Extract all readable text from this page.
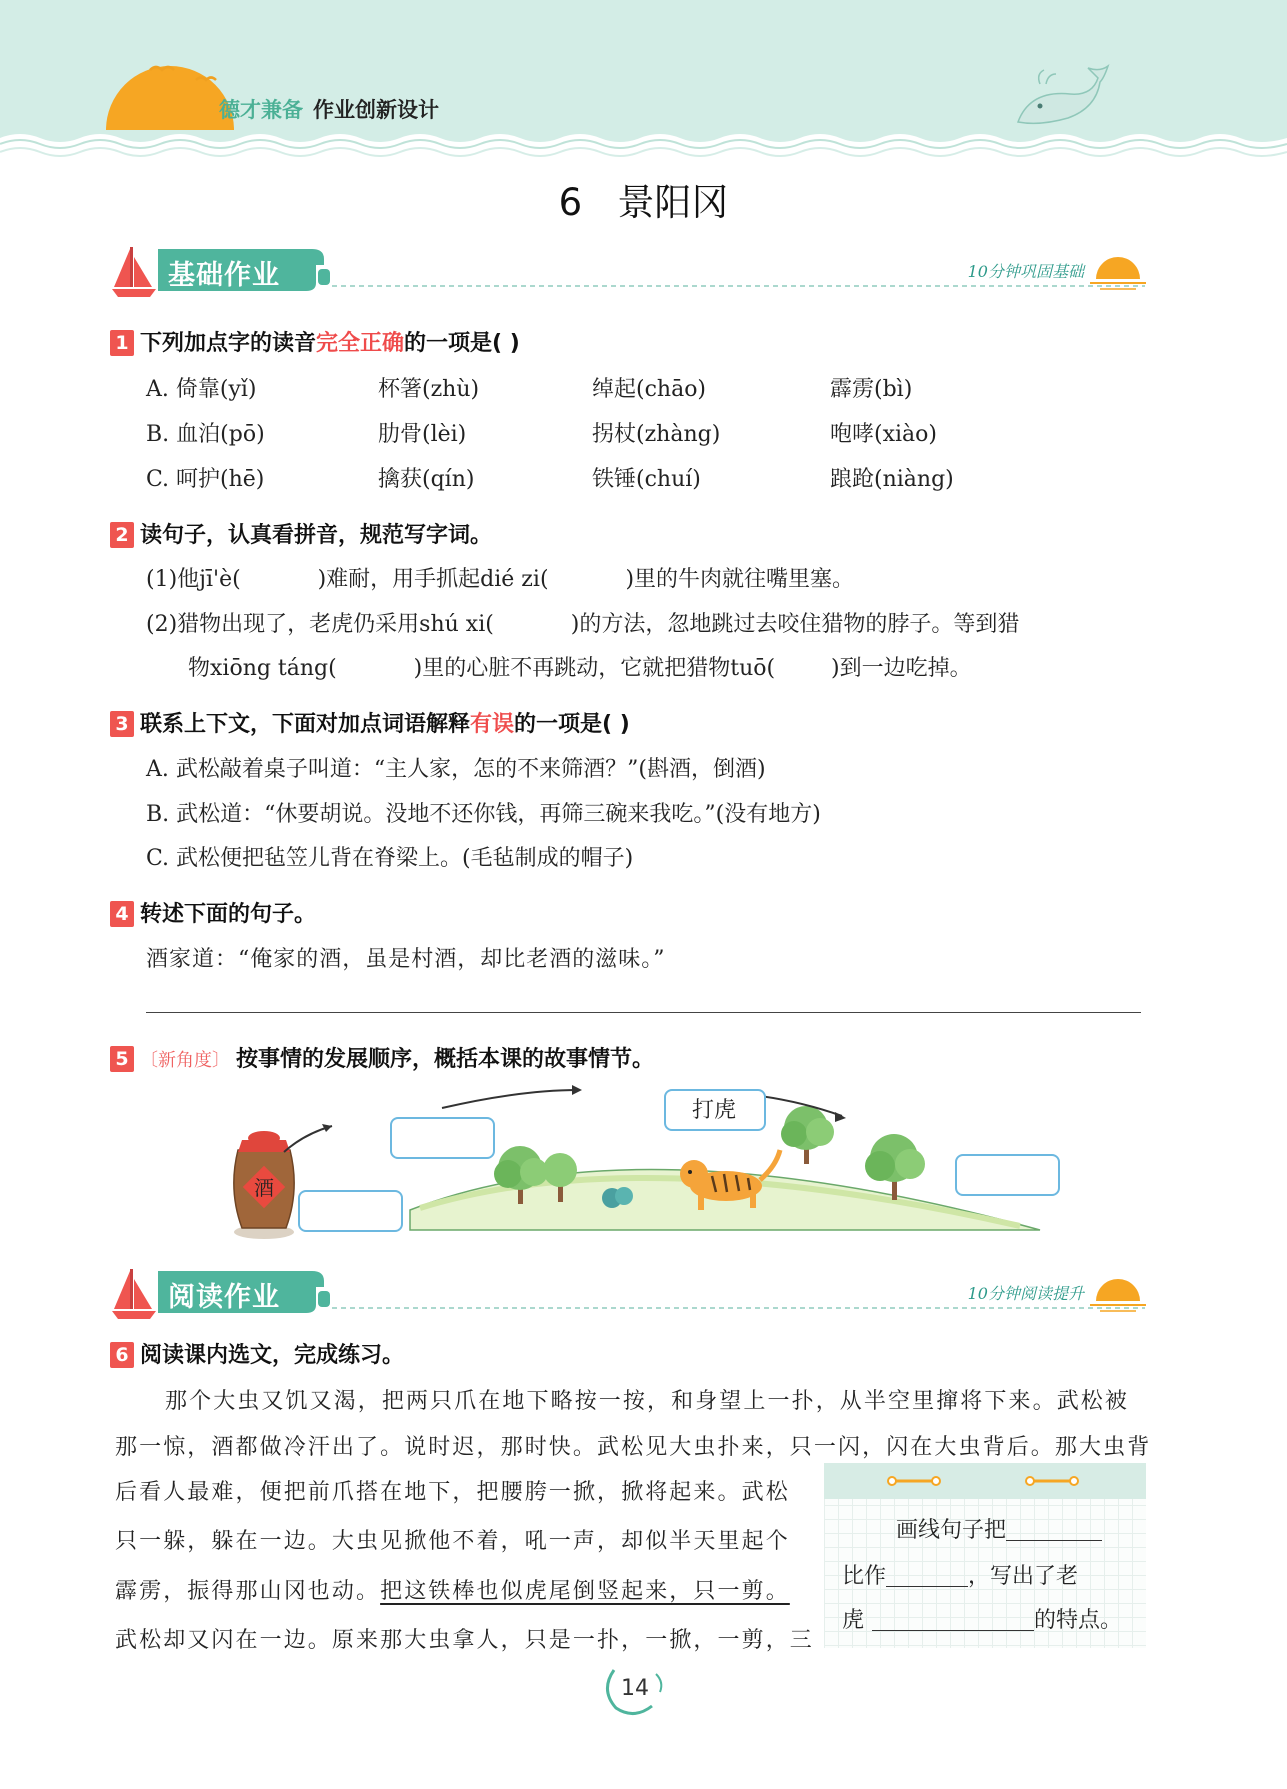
德才兼备 作业创新设计
6   景阳冈
基础作业	10分钟巩固基础
1 下列加点字的读音完全正确的一项是( )
A. 倚靠(yǐ)	杯箸(zhù)	绰起(chāo)	霹雳(bì)
B. 血泊(pō)	肋骨(lèi)	拐杖(zhàng)	咆哮(xiào)
C. 呵护(hē)	擒获(qín)	铁锤(chuí)	踉跄(niàng)
2 读句子，认真看拼音，规范写字词。
(1)他jī'è(           )难耐，用手抓起dié zi(           )里的牛肉就往嘴里塞。
(2)猎物出现了，老虎仍采用shú xi(           )的方法，忽地跳过去咬住猎物的脖子。等到猎
物xiōng táng(           )里的心脏不再跳动，它就把猎物tuō(        )到一边吃掉。
3 联系上下文，下面对加点词语解释有误的一项是( )
A. 武松敲着桌子叫道：“主人家，怎的不来筛酒？”(斟酒，倒酒)
B. 武松道：“休要胡说。没地不还你钱，再筛三碗来我吃。”(没有地方)
C. 武松便把毡笠儿背在脊梁上。(毛毡制成的帽子)
4 转述下面的句子。
酒家道：“俺家的酒，虽是村酒，却比老酒的滋味。”
5 〔新角度〕 按事情的发展顺序，概括本课的故事情节。
酒
打虎
阅读作业	10分钟阅读提升
6 阅读课内选文，完成练习。
那个大虫又饥又渴，把两只爪在地下略按一按，和身望上一扑，从半空里撺将下来。武松被
那一惊，酒都做冷汗出了。说时迟，那时快。武松见大虫扑来，只一闪，闪在大虫背后。那大虫背
后看人最难，便把前爪搭在地下，把腰胯一掀，掀将起来。武松
只一躲，躲在一边。大虫见掀他不着，吼一声，却似半天里起个
霹雳，振得那山冈也动。把这铁棒也似虎尾倒竖起来，只一剪。
武松却又闪在一边。原来那大虫拿人，只是一扑，一掀，一剪，三
画线句子把
比作	，写出了老
虎	的特点。
14
